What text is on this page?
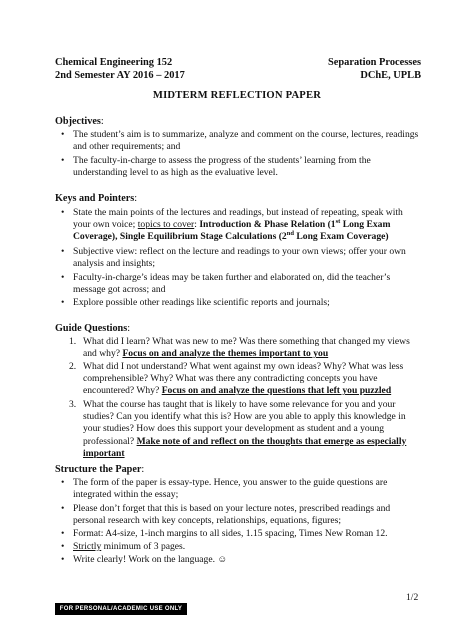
Chemical Engineering 152
2nd Semester AY 2016 – 2017
Separation Processes
DChE, UPLB
MIDTERM REFLECTION PAPER
Objectives :
• The student’s aim is to summarize, analyze and comment on the course, lectures, readings and other requirements; and
• The faculty-in-charge to assess the progress of the students’ learning from the understanding level to as high as the evaluative level.
Keys and Pointers :
• State the main points of the lectures and readings, but instead of repeating, speak with your own voice; topics to cover: Introduction & Phase Relation (1st Long Exam Coverage), Single Equilibrium Stage Calculations (2nd Long Exam Coverage)
• Subjective view: reflect on the lecture and readings to your own views; offer your own analysis and insights;
• Faculty-in-charge’s ideas may be taken further and elaborated on, did the teacher’s message got across; and
• Explore possible other readings like scientific reports and journals;
Guide Questions :
1. What did I learn? What was new to me? Was there something that changed my views and why? Focus on and analyze the themes important to you
2. What did I not understand? What went against my own ideas? Why? What was less comprehensible? Why? What was there any contradicting concepts you have encountered? Why? Focus on and analyze the questions that left you puzzled
3. What the course has taught that is likely to have some relevance for you and your studies? Can you identify what this is? How are you able to apply this knowledge in your studies? How does this support your development as student and a young professional? Make note of and reflect on the thoughts that emerge as especially important
Structure the Paper :
• The form of the paper is essay-type. Hence, you answer to the guide questions are integrated within the essay;
• Please don’t forget that this is based on your lecture notes, prescribed readings and personal research with key concepts, relationships, equations, figures;
• Format: A4-size, 1-inch margins to all sides, 1.15 spacing, Times New Roman 12.
• Strictly minimum of 3 pages.
• Write clearly! Work on the language. ☺
1/2
FOR PERSONAL/ACADEMIC USE ONLY
